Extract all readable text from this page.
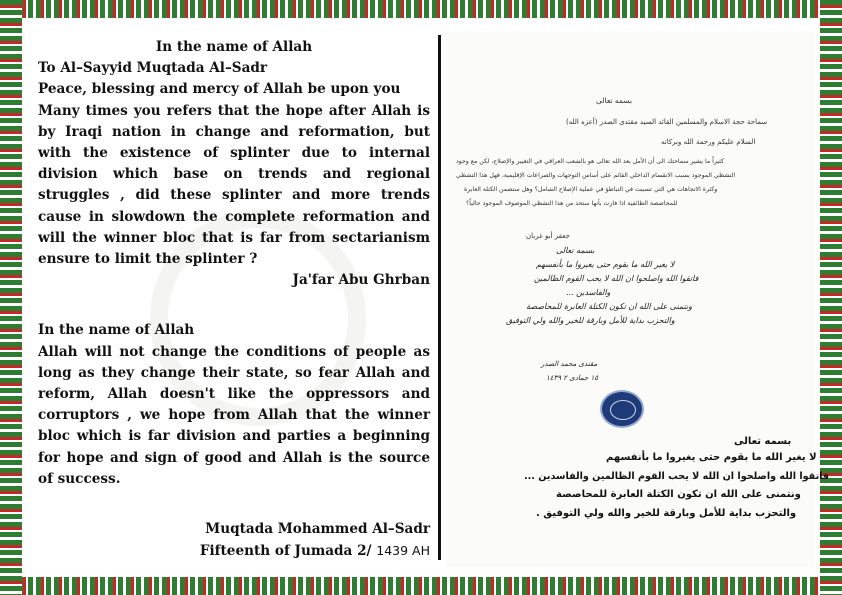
In the name of Allah

To Al–Sayyid Muqtada Al–Sadr

Peace, blessing and mercy of Allah be upon you

Many times you refers that the hope after Allah is by Iraqi nation in change and reformation, but with the existence of splinter due to internal division which base on trends and regional struggles , did these splinter and more trends cause in slowdown the complete reformation and will the winner bloc that is far from sectarianism ensure to limit the splinter ?

Ja'far Abu Ghrban

In the name of Allah

Allah will not change the conditions of people as long as they change their state, so fear Allah and reform, Allah doesn't like the oppressors and corruptors , we hope from Allah that the winner bloc which is far division and parties a beginning for hope and sign of good and Allah is the source of success.

Muqtada Mohammed Al–Sadr

Fifteenth of Jumada 2/ 1439 AH

بسمه تعالى
سماحة حجة الاسلام والمسلمين القائد السيد مقتدى الصدر (أعزه الله)
السلام عليكم ورحمة الله وبركاته
كثيراً ما يشير سماحتك الى أن الأمل بعد الله تعالى هو بالشعب العراقي في التغيير والإصلاح، لكن مع وجود
التشظي الموجود بسبب الانقسام الداخلي القائم على أساس التوجهات والصراعات الإقليمية، فهل هذا التشظي
وكثرة الاتجاهات هي التي تسببت في التباطؤ في عملية الإصلاح الشامل؟ وهل ستضمن الكتلة العابرة
للمحاصصة الطائفية اذا فازت بأنها ستحد من هذا التشظي الموصوف الموجود حالياً؟
جعفر أبو غربان
بسمه تعالى
لا يغير الله ما بقوم حتى يغيروا ما بأنفسهم
فاتقوا الله واصلحوا ان الله لا يحب القوم الظالمين
والفاسدين ...
ونتمنى على الله ان تكون الكتلة العابرة للمحاصصة
والتحزب بداية للأمل وبارقة للخير والله ولي التوفيق
مقتدى محمد الصدر
١٥ جمادى ٢ ١٤٣٩
بسمه تعالى
لا يغير الله ما بقوم حتى يغيروا ما بأنفسهم
فاتقوا الله واصلحوا ان الله لا يحب القوم الظالمين والفاسدين ...
ونتمنى على الله ان تكون الكتلة العابرة للمحاصصة
والتحزب بداية للأمل وبارقة للخير والله ولي التوفيق .
